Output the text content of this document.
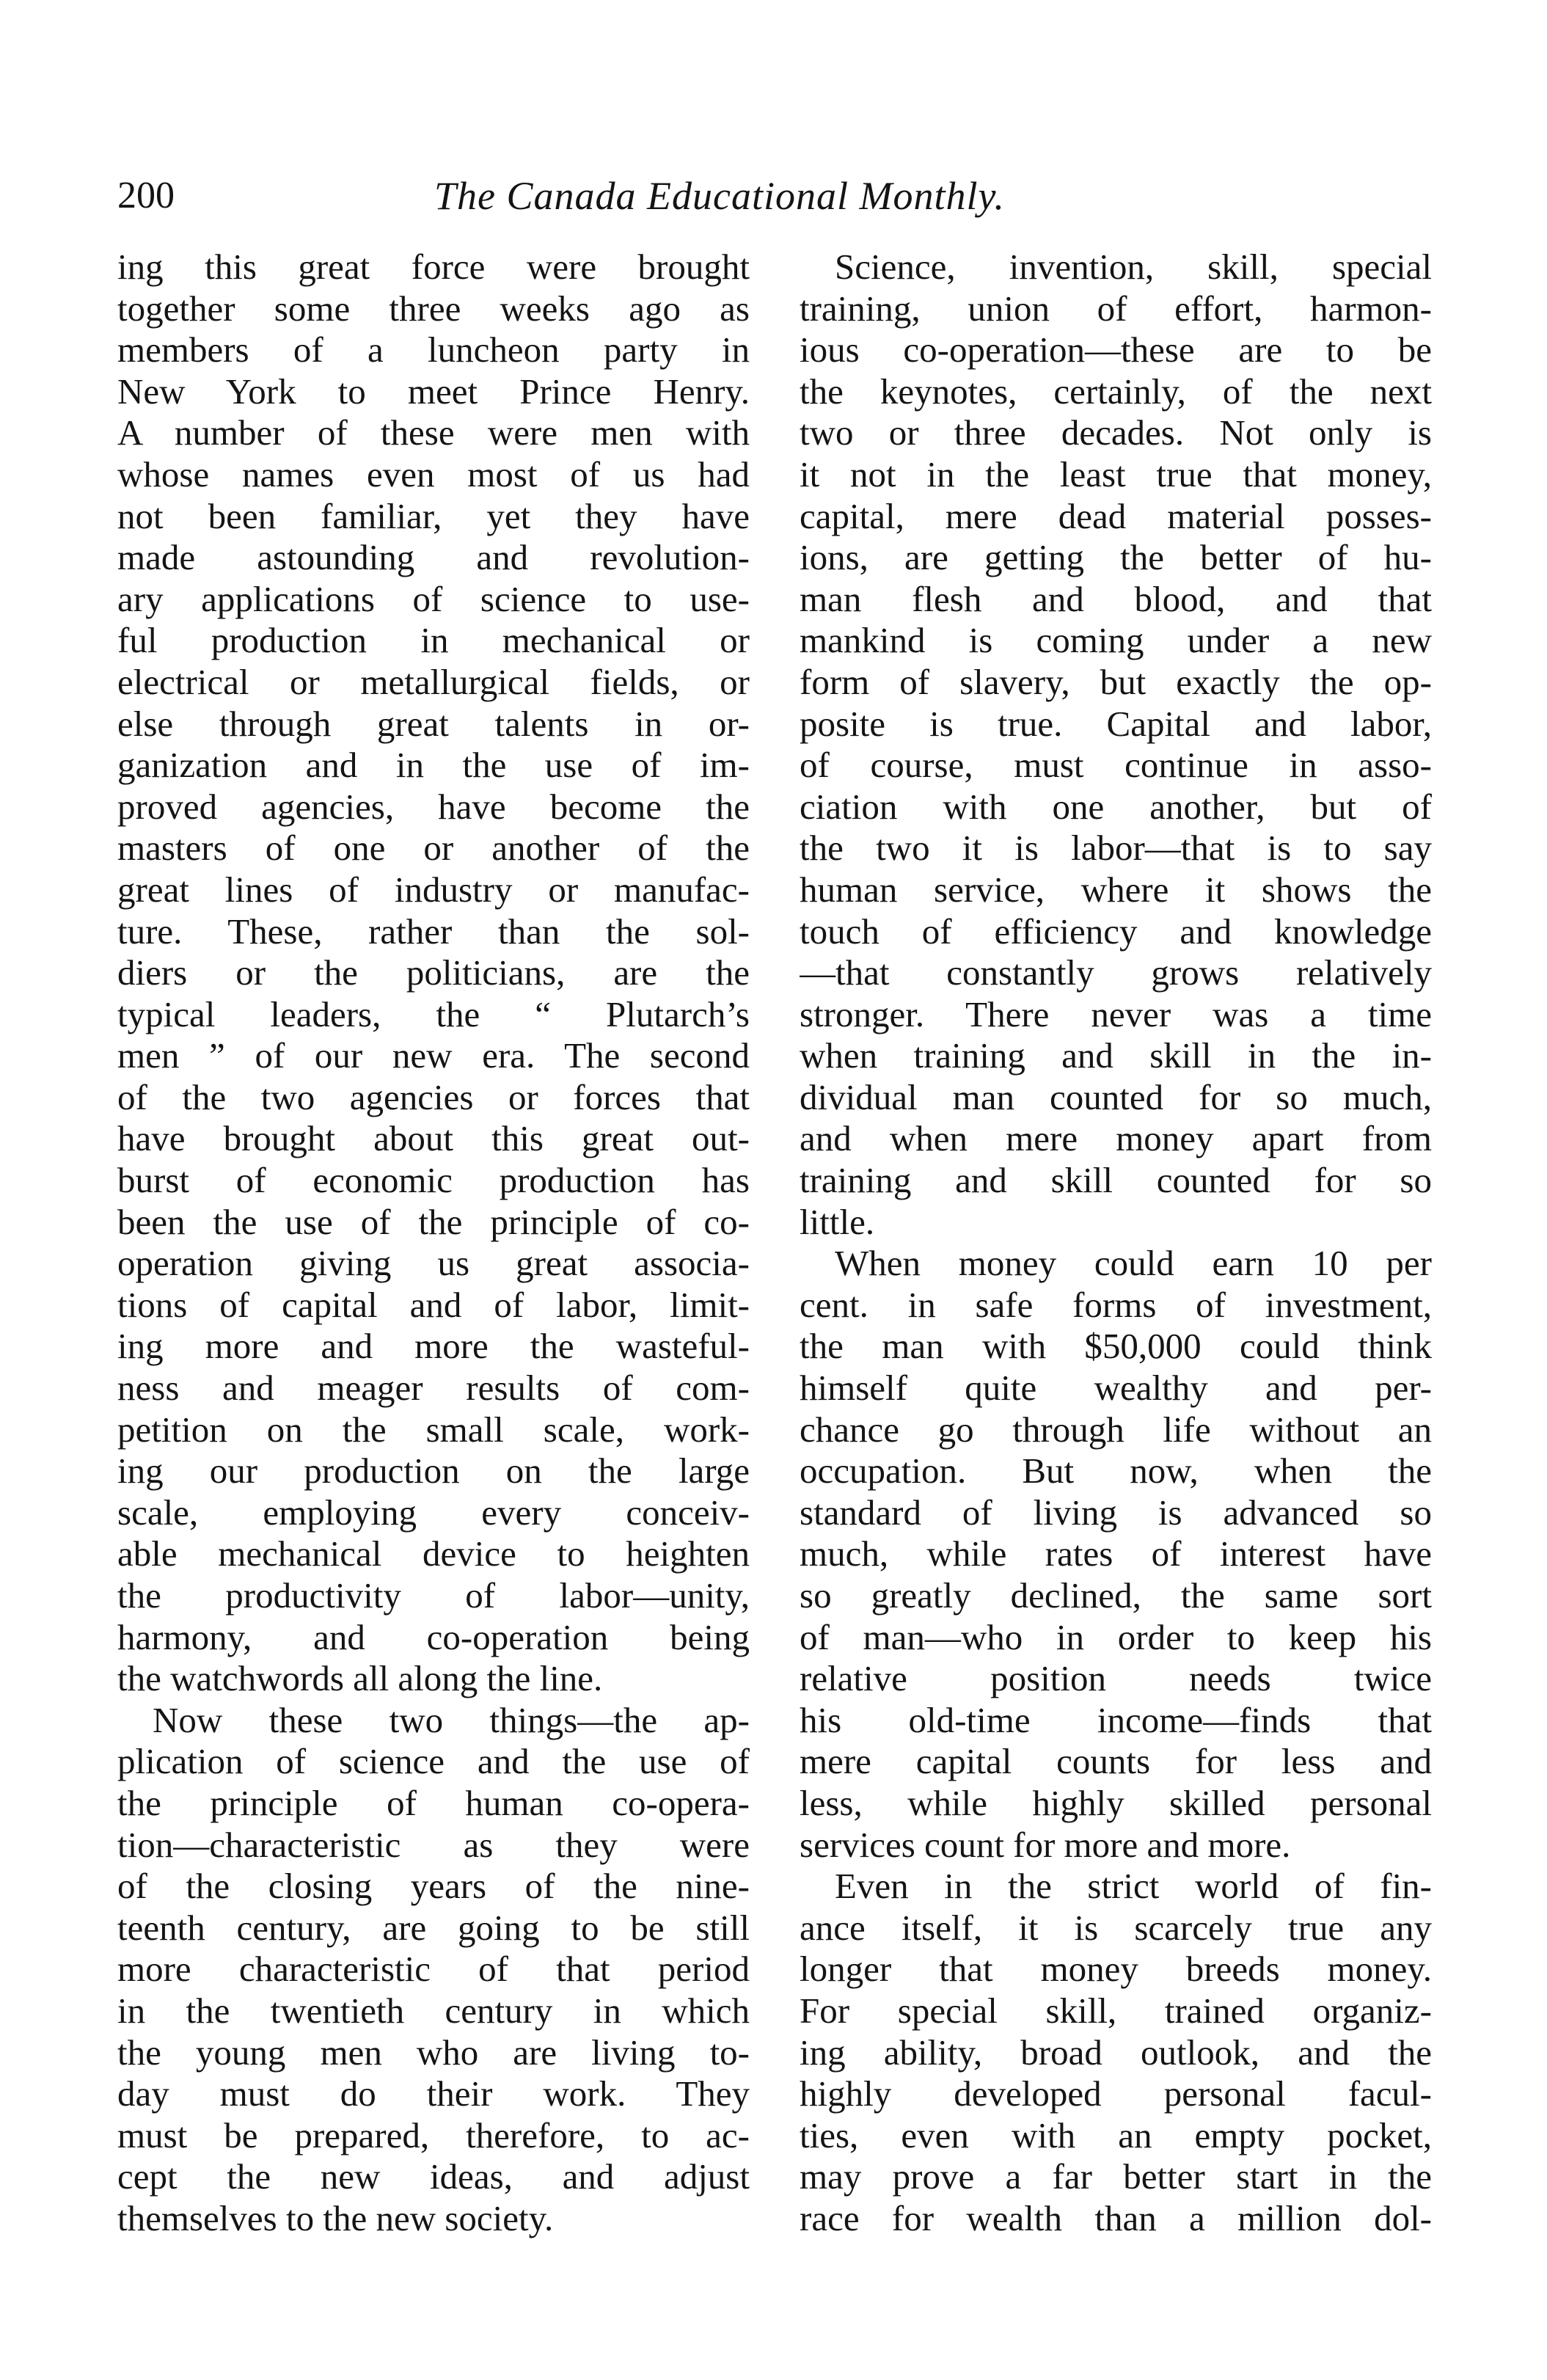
200	The Canada Educational Monthly.
ing this great force were brought
together some three weeks ago as
members of a luncheon party in
New York to meet Prince Henry.
A number of these were men with
whose names even most of us had
not been familiar, yet they have
made astounding and revolution-
ary applications of science to use-
ful production in mechanical or
electrical or metallurgical fields, or
else through great talents in or-
ganization and in the use of im-
proved agencies, have become the
masters of one or another of the
great lines of industry or manufac-
ture. These, rather than the sol-
diers or the politicians, are the
typical leaders, the “ Plutarch’s
men ” of our new era. The second
of the two agencies or forces that
have brought about this great out-
burst of economic production has
been the use of the principle of co-
operation giving us great associa-
tions of capital and of labor, limit-
ing more and more the wasteful-
ness and meager results of com-
petition on the small scale, work-
ing our production on the large
scale, employing every conceiv-
able mechanical device to heighten
the productivity of labor—unity,
harmony, and co-operation being
the watchwords all along the line.
Now these two things—the ap-
plication of science and the use of
the principle of human co-opera-
tion—characteristic as they were
of the closing years of the nine-
teenth century, are going to be still
more characteristic of that period
in the twentieth century in which
the young men who are living to-
day must do their work. They
must be prepared, therefore, to ac-
cept the new ideas, and adjust
themselves to the new society.
Science, invention, skill, special
training, union of effort, harmon-
ious co-operation—these are to be
the keynotes, certainly, of the next
two or three decades. Not only is
it not in the least true that money,
capital, mere dead material posses-
ions, are getting the better of hu-
man flesh and blood, and that
mankind is coming under a new
form of slavery, but exactly the op-
posite is true. Capital and labor,
of course, must continue in asso-
ciation with one another, but of
the two it is labor—that is to say
human service, where it shows the
touch of efficiency and knowledge
—that constantly grows relatively
stronger. There never was a time
when training and skill in the in-
dividual man counted for so much,
and when mere money apart from
training and skill counted for so
little.
When money could earn 10 per
cent. in safe forms of investment,
the man with $50,000 could think
himself quite wealthy and per-
chance go through life without an
occupation. But now, when the
standard of living is advanced so
much, while rates of interest have
so greatly declined, the same sort
of man—who in order to keep his
relative position needs twice
his old-time income—finds that
mere capital counts for less and
less, while highly skilled personal
services count for more and more.
Even in the strict world of fin-
ance itself, it is scarcely true any
longer that money breeds money.
For special skill, trained organiz-
ing ability, broad outlook, and the
highly developed personal facul-
ties, even with an empty pocket,
may prove a far better start in the
race for wealth than a million dol-
